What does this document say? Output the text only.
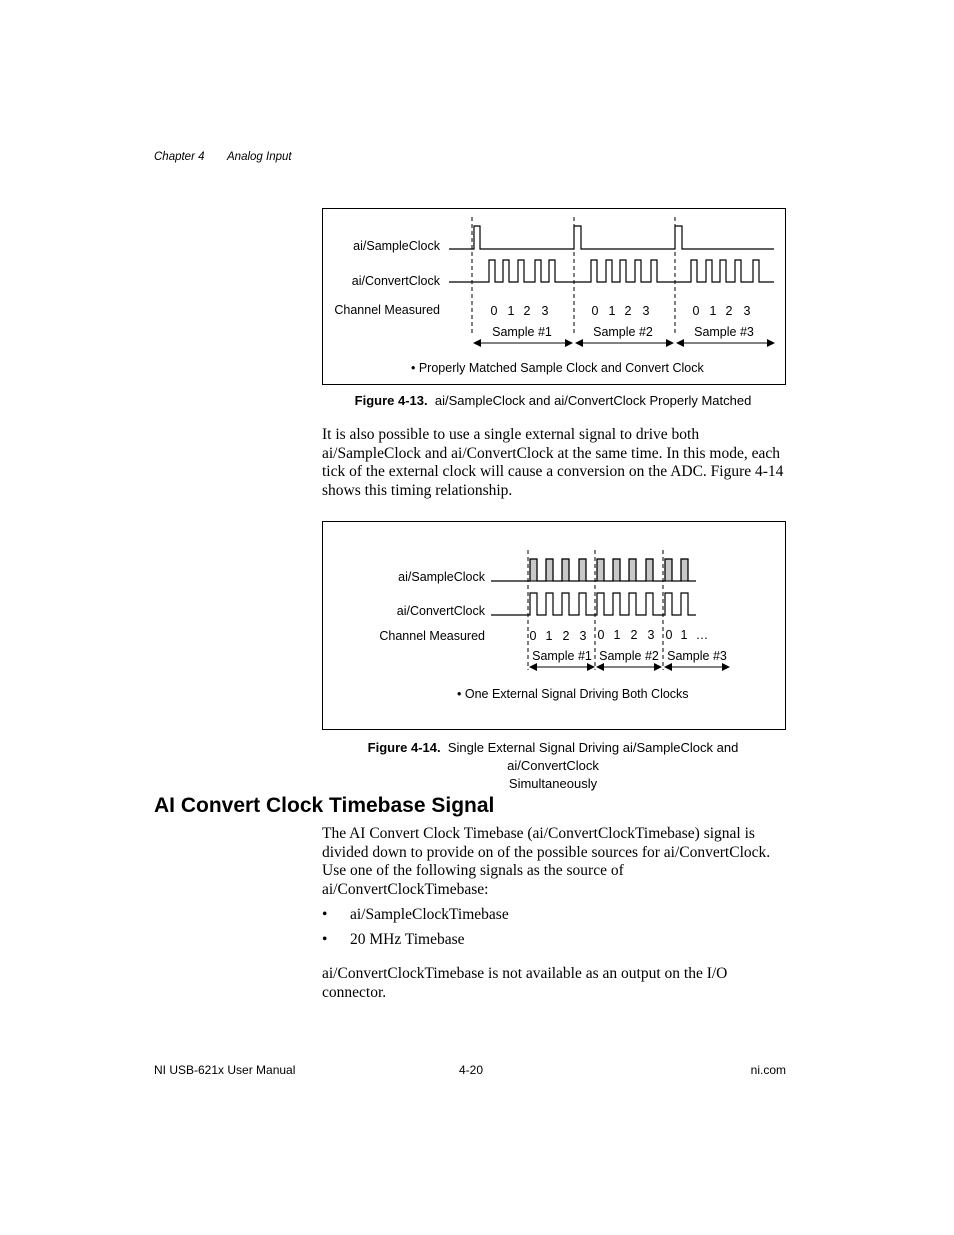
Chapter 4 Analog Input
ai/SampleClock
ai/ConvertClock
Channel Measured	0 1 2 3	0 1 2 3	0 1 2 3
Sample #1	Sample #2	Sample #3
• Properly Matched Sample Clock and Convert Clock
Figure 4-13. ai/SampleClock and ai/ConvertClock Properly Matched
It is also possible to use a single external signal to drive both ai/SampleClock and ai/ConvertClock at the same time. In this mode, each tick of the external clock will cause a conversion on the ADC. Figure 4-14 shows this timing relationship.
ai/SampleClock
ai/ConvertClock
Channel Measured	0 1 2 3 0 1 2 3 0 1 …
Sample #1 Sample #2 Sample #3
• One External Signal Driving Both Clocks
Figure 4-14. Single External Signal Driving ai/SampleClock and ai/ConvertClock
Simultaneously
AI Convert Clock Timebase Signal
The AI Convert Clock Timebase (ai/ConvertClockTimebase) signal is divided down to provide on of the possible sources for ai/ConvertClock. Use one of the following signals as the source of ai/ConvertClockTimebase:
• ai/SampleClockTimebase
• 20 MHz Timebase
ai/ConvertClockTimebase is not available as an output on the I/O connector.
NI USB-621x User Manual	4-20	ni.com
